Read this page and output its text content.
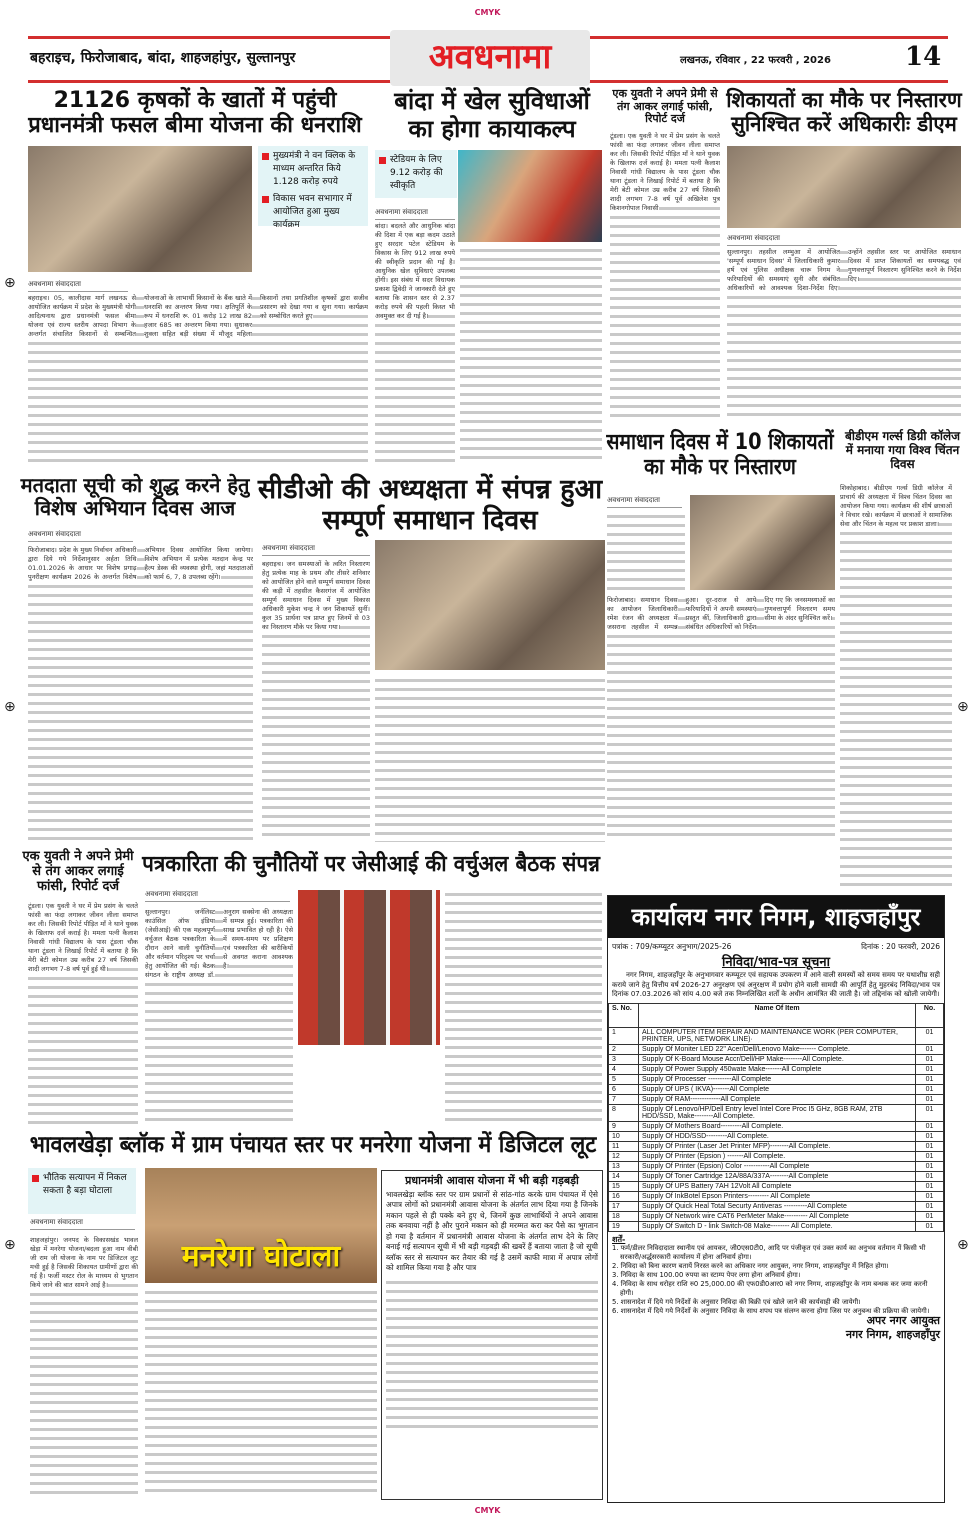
CMYK
CMYK
बहराइच, फिरोजाबाद, बांदा, शाहजहांपुर, सुल्तानपुर	अवधनामा	लखनऊ, रविवार , 22 फरवरी , 2026	14
21126 कृषकों के खातों में पहुंची प्रधानमंत्री फसल बीमा योजना की धनराशि
मुख्यमंत्री ने वन क्लिक के माध्यम अन्तरित किये 1.128 करोड़ रुपये
विकास भवन सभागार में आयोजित हुआ मुख्य कार्यक्रम
अवधनामा संवाददाता

बहराइच। 05, कालीदास मार्ग लखनऊ से आयोजित कार्यक्रम में प्रदेश के मुख्यमंत्री योगी आदित्यनाथ द्वारा प्रधानमंत्री फसल बीमा योजना एवं राज्य स्तरीय आपदा विभाग के अन्तर्गत संचालित किसानों से सम्बन्धित योजनाओं के लाभार्थी किसानों के बैंक खाते में धनराशि का अन्तरण किया गया। क्षतिपूर्ति के रूप में धनराशि रू. 01 करोड़ 12 लाख 82 हजार 685 का अन्तरण किया गया। सुधाकर शुक्ला सहित बड़ी संख्या में मौजूद महिला किसानों तथा प्रगतिशील कृषकों द्वारा सजीव प्रसारण को देखा गया व सुना गया। कार्यक्रम को सम्बोधित करते हुए

बांदा में खेल सुविधाओं का होगा कायाकल्प
स्टेडियम के लिए 9.12 करोड़ की स्वीकृति
अवधनामा संवाददाता

बांदा। बदलते और आधुनिक बांदा की दिशा में एक बड़ा कदम उठाते हुए सरदार पटेल स्टेडियम के विकास के लिए 912 लाख रुपये की स्वीकृति प्रदान की गई है। आधुनिक खेल सुविधाएं उपलब्ध होंगी। इस संबंध में सदर विधायक प्रकाश द्विवेदी ने जानकारी देते हुए बताया कि शासन स्तर से 2.37 करोड़ रुपये की पहली किस्त भी अवमुक्त कर दी गई है।

एक युवती ने अपने प्रेमी से तंग आकर लगाई फांसी, रिपोर्ट दर्ज

टूंडला। एक युवती ने घर में प्रेम प्रसंग के चलते फांसी का फंदा लगाकर जीवन लीला समाप्त कर ली। जिसकी रिपोर्ट पीड़ित माँ ने थाने युवक के खिलाफ दर्ज कराई है। ममता पत्नी कैलाश निवासी गांधी विद्यालय के पास टूंडला चौक थाना टूंडला ने लिखाई रिपोर्ट में बताया है कि मेरी बेटी कोमल उम्र करीब 27 वर्ष जिसकी शादी लगभग 7-8 वर्ष पूर्व अखिलेश पुत्र किशनगोपाल निवासी

शिकायतों का मौके पर निस्तारण सुनिश्चित करें अधिकारीः डीएम
अवधनामा संवाददाता

सुल्तानपुर। तहसील लम्भुआ में आयोजित 'सम्पूर्ण समाधान दिवस' में जिलाधिकारी कुमार हर्ष एवं पुलिस अधीक्षक चारू निगम ने फरियादियों की समस्याएं सुनी और संबंधित अधिकारियों को आवश्यक दिशा-निर्देश दिए। उन्होंने तहसील स्तर पर आयोजित समाधान दिवस में प्राप्त शिकायतों का समयबद्ध एवं गुणवत्तापूर्ण निस्तारण सुनिश्चित करने के निर्देश दिए।

समाधान दिवस में 10 शिकायतों का मौके पर निस्तारण
अवधनामा संवाददाता

फिरोजाबाद। समाधान दिवस का आयोजन जिलाधिकारी रमेश रंजन की अध्यक्षता में जसराना तहसील में सम्पन्न हुआ। दूर-दराज से आये फरियादियों ने अपनी समस्याएं प्रस्तुत कीं, जिलाधिकारी द्वारा संबंधित अधिकारियों को निर्देश दिए गए कि जनसमस्याओं का गुणवत्तापूर्ण निस्तारण समय सीमा के अंदर सुनिश्चित करें।

बीडीएम गर्ल्स डिग्री कॉलेज में मनाया गया विश्व चिंतन दिवस

शिकोहाबाद। बीडीएम गर्ल्स डिग्री कॉलेज में प्राचार्य की अध्यक्षता में विश्व चिंतन दिवस का आयोजन किया गया। कार्यक्रम की शीर्ष छात्राओं ने विचार रखे। कार्यक्रम में छात्राओं ने सामाजिक सेवा और चिंतन के महत्व पर प्रकाश डाला।

मतदाता सूची को शुद्ध करने हेतु विशेष अभियान दिवस आज
अवधनामा संवाददाता

फिरोजाबाद। प्रदेश के मुख्य निर्वाचन अधिकारी द्वारा दिये गये निर्देशानुसार अर्हता तिथि 01.01.2026 के आधार पर विशेष प्रगाढ़ पुनरीक्षण कार्यक्रम 2026 के अन्तर्गत विशेष अभियान दिवस आयोजित किया जायेगा। विशेष अभियान में प्रत्येक मतदान केन्द्र पर हैल्प डेस्क की व्यवस्था होगी, जहां मतदाताओं को फार्म 6, 7, 8 उपलब्ध रहेंगे।

सीडीओ की अध्यक्षता में संपन्न हुआ सम्पूर्ण समाधान दिवस
अवधनामा संवाददाता

बहराइच। जन समस्याओं के त्वरित निस्तारण हेतु प्रत्येक माह के प्रथम और तीसरे शनिवार को आयोजित होने वाले सम्पूर्ण समाधान दिवस की कड़ी में तहसील कैसरगंज में आयोजित सम्पूर्ण समाधान दिवस में मुख्य विकास अधिकारी मुकेश चन्द्र ने जन शिकायतें सुनीं। कुल 35 प्रार्थना पत्र प्राप्त हुए जिनमें से 03 का निस्तारण मौके पर किया गया।

एक युवती ने अपने प्रेमी से तंग आकर लगाई फांसी, रिपोर्ट दर्ज

टूंडला। एक युवती ने घर में प्रेम प्रसंग के चलते फांसी का फंदा लगाकर जीवन लीला समाप्त कर ली। जिसकी रिपोर्ट पीड़ित माँ ने थाने युवक के खिलाफ दर्ज कराई है। ममता पत्नी कैलाश निवासी गांधी विद्यालय के पास टूंडला चौक थाना टूंडला ने लिखाई रिपोर्ट में बताया है कि मेरी बेटी कोमल उम्र करीब 27 वर्ष जिसकी शादी लगभग 7-8 वर्ष पूर्व हुई थी।

पत्रकारिता की चुनौतियों पर जेसीआई की वर्चुअल बैठक संपन्न
अवधनामा संवाददाता

सुल्तानपुर। जर्नलिस्ट काउंसिल ऑफ इंडिया (जेसीआई) की एक महत्वपूर्ण वर्चुअल बैठक पत्रकारिता के दौरान आने वाली चुनौतियों और वर्तमान परिदृश्य पर चर्चा हेतु आयोजित की गई। बैठक संगठन के राष्ट्रीय अध्यक्ष डॉ. अनुराग सक्सेना की अध्यक्षता में सम्पन्न हुई। पत्रकारिता की साख प्रभावित हो रही है। ऐसे में समय-समय पर प्रशिक्षण एवं पत्रकारिता की बारीकियों से अवगत कराना आवश्यक है।

भावलखेड़ा ब्लॉक में ग्राम पंचायत स्तर पर मनरेगा योजना में डिजिटल लूट
भौतिक सत्यापन में निकल सकता है बड़ा घोटाला
अवधनामा संवाददाता
मनरेगा घोटाला

शाहजहांपुर। जनपद के विकासखंड भावल खेड़ा में मनरेगा योजना/बदला हुआ नाम वीबी जी राम जी योजना के नाम पर डिजिटल लूट मची हुई है जिसकी शिकायत ग्रामीणों द्वारा की गई है। फर्जी मस्टर रोल के माध्यम से भुगतान किये जाने की बात सामने आई है।

प्रधानमंत्री आवास योजना में भी बड़ी गड़बड़ी
भावलखेड़ा ब्लॉक स्तर पर ग्राम प्रधानों से सांठ-गांठ करके ग्राम पंचायत में ऐसे अपात्र लोगों को प्रधानमंत्री आवास योजना के अंतर्गत लाभ दिया गया है जिनके मकान पहले से ही पक्के बने हुए थे, जिनमें कुछ लाभार्थियों ने अपने आवास तक बनवाया नहीं है और पुराने मकान को ही मरम्मत करा कर पैसे का भुगतान हो गया है वर्तमान में प्रधानमंत्री आवास योजना के अंतर्गत लाभ देने के लिए बनाई गई सत्यापन सूची में भी बड़ी गड़बड़ी की खबरें हैं बताया जाता है जो सूची ब्लॉक स्तर से सत्यापन कर तैयार की गई है उसमें काफी मात्रा में अपात्र लोगों को शामिल किया गया है और पात्र
कार्यालय नगर निगम, शाहजहाँपुर
पत्रांक : 709/कम्प्यूटर अनुभाग/2025-26	दिनांक : 20 फरवरी, 2026
निविदा/भाव-पत्र सूचना
नगर निगम, शाहजहाँपुर के अनुभागवार कम्प्यूटर एवं सहायक उपकरण में आने वाली समस्यों को समय समय पर यथाशीघ्र सही कराये जाने हेतु वित्तीय वर्ष 2026-27 अनुरक्षण एवं अनुरक्षण में प्रयोग होने वाली सामग्री की आपूर्ति हेतु मुहरबंद निविदा/भाव पत्र दिनांक 07.03.2026 को सांय 4.00 बजे तक निम्नलिखित शर्तों के अधीन आमंत्रित की जाती है। जो तद्दिनांक को खोली जायेगी।
S. No.	Name Of Item	No.
1	ALL COMPUTER ITEM REPAIR AND MAINTENANCE WORK (PER COMPUTER, PRINTER, UPS, NETWORK LINE)·	01
2	Supply Of Moniter LED 22" Acer/Dell/Lenovo Make------- Complete.	01
3	Supply Of K-Board Mouse Accr/Dell/HP Make--------All Complete.	01
4	Supply Of Power Supply 450wate Make-------All Complete	01
5	Supply Of Processer ----------All Complete	01
6	Supply Of UPS ( IKVA)-------All Complete	01
7	Supply Of RAM-------------All Complete	01
8	Supply Of Lenovo/HP/Dell Entry level Intel Core Proc I5 GHz, 8GB RAM, 2TB HDD/SSD, Make--------All Complete.	01
9	Supply Of Mothers Board---------All Complete.	01
10	Supply Of HDD/SSD---------All Complete.	01
11	Supply Of Printer (Laser Jet Printer MFP)--------All Complete.	01
12	Supply Of Printer (Epsion ) -------All Complete.	01
13	Supply Of Printer (Epsion) Color -----------All Complete	01
14	Supply Of Toner Cartridge 12A/88A/337A--------All Complete	01
15	Supply Of UPS Battery 7AH 12Volt All Complete	01
16	Supply Of InkBotel Epson Printers--------- All Complete	01
17	Supply Of Quick Heal Total Securty Antiveras ----------All Complete	01
18	Supply Of Network wire CAT6 PerMeter Make---------- All Complete	01
19	Supply Of Switch D - link Switch-08 Make-------- All Complete.	01
शर्तें-
1. फर्म/डीलर निविदादाता स्थानीय एवं आयकर, जी0एस0टी0, आदि पर पंजीकृत एवं उक्त कार्य का अनुभव वर्तमान में किसी भी सरकारी/अर्द्धसरकारी कार्यालय में होना अनिवार्य होगा।
2. निविदा को बिना कारण बतायें निरस्त करने का अधिकार नगर आयुक्त, नगर निगम, शाहजहाँपुर में निहित होगा।
3. निविदा के साथ 100.00 रुपया का स्टाम्प पेपर लगा होना अनिवार्य होगा।
4. निविदा के साथ धरोहर राशि रु0 25,000.00 की एफ0डी0आर0 को नगर निगम, शाहजहाँपुर के नाम बन्धक कर जमा करनी होगी।
5. शासनादेश में दिये गये निर्देशों के अनुसार निविदा की बिक्री एवं खोले जाने की कार्यवाही की जायेगी।
6. शासनादेश में दिये गये निर्देशों के अनुसार निविदा के साथ शपथ पत्र संलग्न करना होगा जिस पर अनुबन्ध की प्रक्रिया की जायेगी।
अपर नगर आयुक्त
नगर निगम, शाहजहाँपुर
⊕
⊕
⊕
⊕
⊕
